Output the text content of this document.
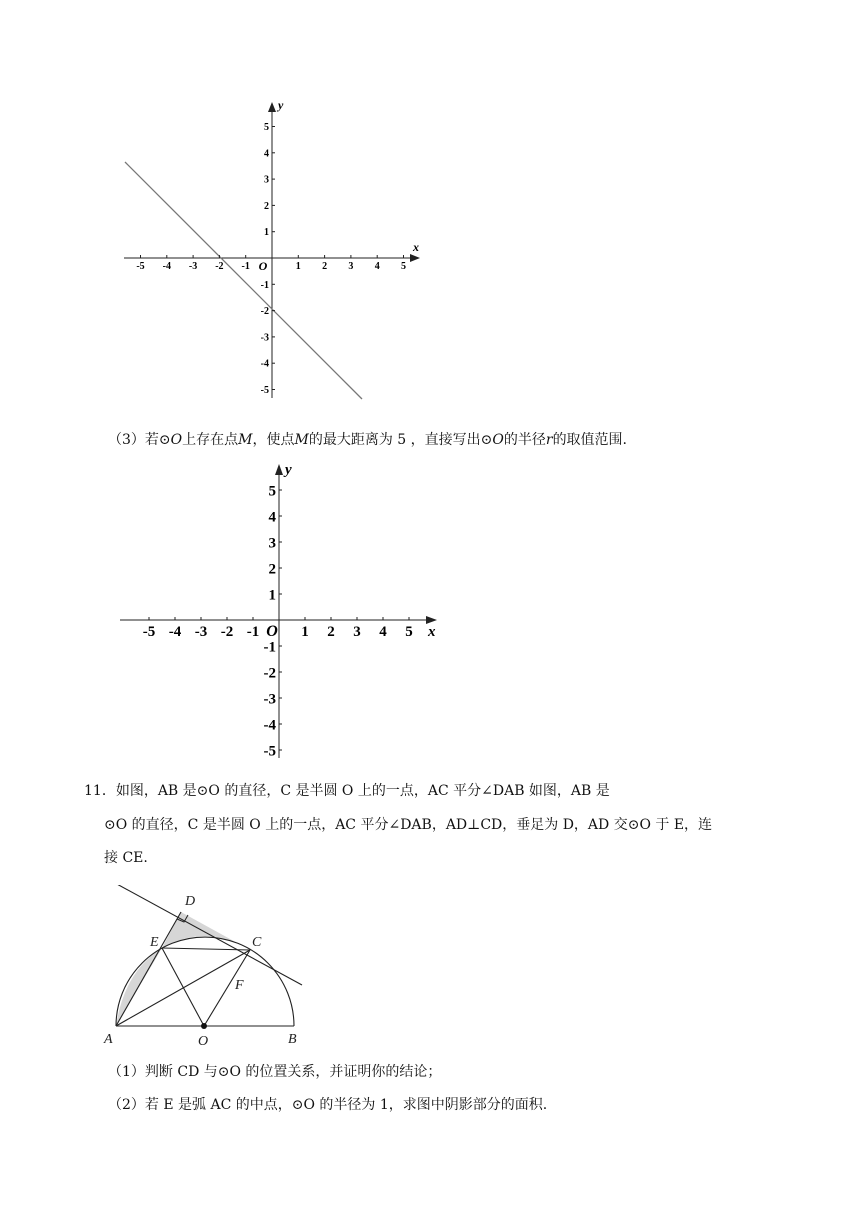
-5 -4 -3 -2 -1	1 2 3 4 5
5
4
3
2
1
-1
-2
-3
-4
-5
O
x
y
（3）若⊙O上存在点M，使点M的最大距离为 5 ，直接写出⊙O的半径r的取值范围.
-5 -4 -3 -2 -1	1 2 3 4 5
5
4
3
2
1
-1
-2
-3
-4
-5
O	x
y
11．如图，AB 是⊙O 的直径，C 是半圆 O 上的一点，AC 平分∠DAB 如图，AB 是
⊙O 的直径，C 是半圆 O 上的一点，AC 平分∠DAB，AD⊥CD，垂足为 D，AD 交⊙O 于 E，连
接 CE.
D
E	C
F
A	O	B
（1）判断 CD 与⊙O 的位置关系，并证明你的结论；
（2）若 E 是弧 AC 的中点，⊙O 的半径为 1，求图中阴影部分的面积.
